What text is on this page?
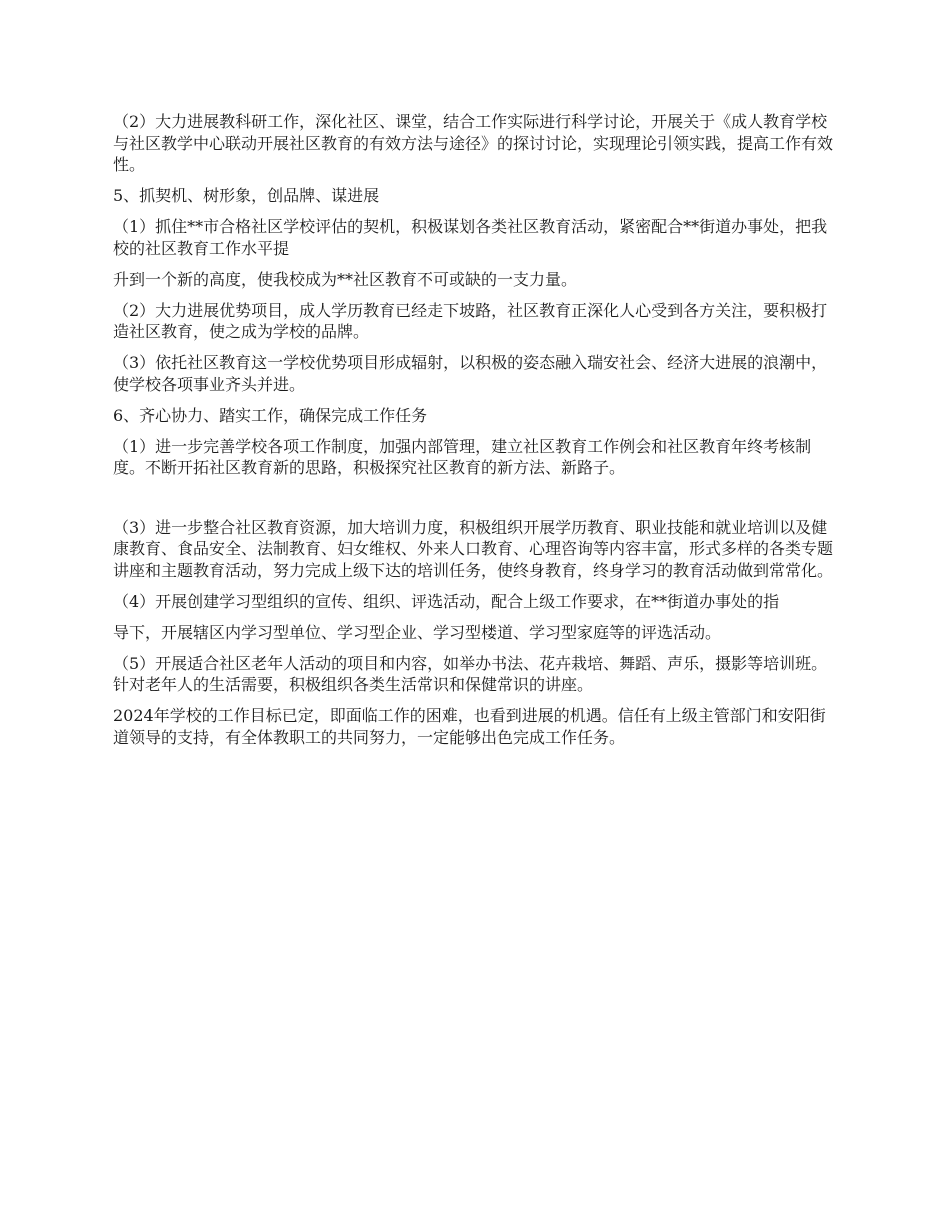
（2）大力进展教科研工作，深化社区、课堂，结合工作实际进行科学讨论，开展关于《成人教育学校与社区教学中心联动开展社区教育的有效方法与途径》的探讨讨论，实现理论引领实践，提高工作有效性。

5、抓契机、树形象，创品牌、谋进展

（1）抓住**市合格社区学校评估的契机，积极谋划各类社区教育活动，紧密配合**街道办事处，把我校的社区教育工作水平提

升到一个新的高度，使我校成为**社区教育不可或缺的一支力量。

（2）大力进展优势项目，成人学历教育已经走下坡路，社区教育正深化人心受到各方关注，要积极打造社区教育，使之成为学校的品牌。

（3）依托社区教育这一学校优势项目形成辐射，以积极的姿态融入瑞安社会、经济大进展的浪潮中，使学校各项事业齐头并进。

6、齐心协力、踏实工作，确保完成工作任务

（1）进一步完善学校各项工作制度，加强内部管理，建立社区教育工作例会和社区教育年终考核制度。不断开拓社区教育新的思路，积极探究社区教育的新方法、新路子。

（3）进一步整合社区教育资源，加大培训力度，积极组织开展学历教育、职业技能和就业培训以及健康教育、食品安全、法制教育、妇女维权、外来人口教育、心理咨询等内容丰富，形式多样的各类专题讲座和主题教育活动，努力完成上级下达的培训任务，使终身教育，终身学习的教育活动做到常常化。

（4）开展创建学习型组织的宣传、组织、评选活动，配合上级工作要求，在**街道办事处的指

导下，开展辖区内学习型单位、学习型企业、学习型楼道、学习型家庭等的评选活动。

（5）开展适合社区老年人活动的项目和内容，如举办书法、花卉栽培、舞蹈、声乐，摄影等培训班。针对老年人的生活需要，积极组织各类生活常识和保健常识的讲座。

2024年学校的工作目标已定，即面临工作的困难，也看到进展的机遇。信任有上级主管部门和安阳街道领导的支持，有全体教职工的共同努力，一定能够出色完成工作任务。
